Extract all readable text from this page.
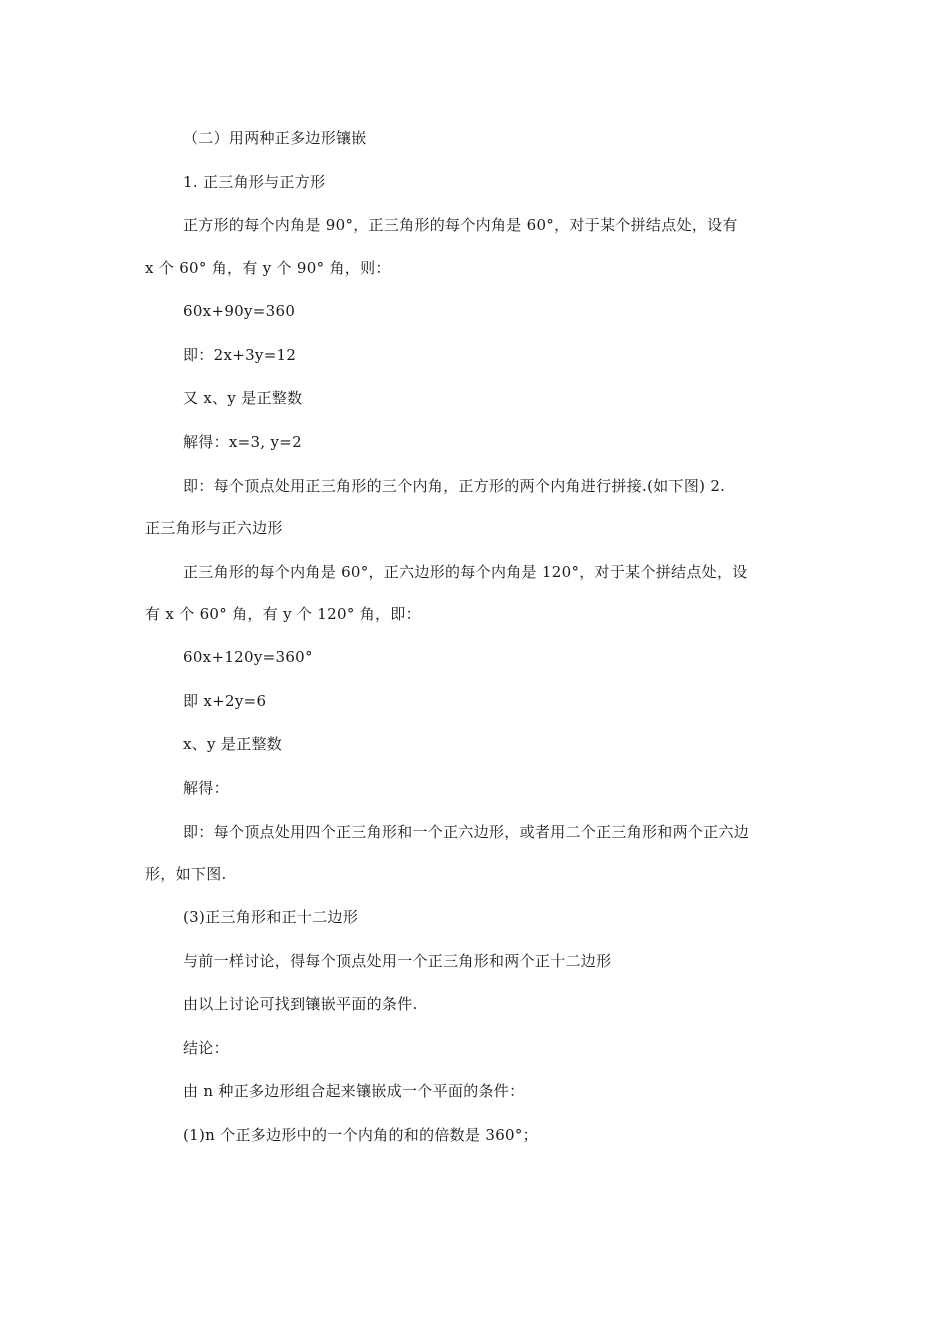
（二）用两种正多边形镶嵌
1. 正三角形与正方形
正方形的每个内角是 90°，正三角形的每个内角是 60°，对于某个拼结点处，设有
x 个 60° 角，有 y 个 90° 角，则：
60x+90y=360
即：2x+3y=12
又 x、y 是正整数
解得：x=3, y=2
即：每个顶点处用正三角形的三个内角，正方形的两个内角进行拼接.(如下图) 2.
正三角形与正六边形
正三角形的每个内角是 60°，正六边形的每个内角是 120°，对于某个拼结点处，设
有 x 个 60° 角，有 y 个 120° 角，即：
60x+120y=360°
即 x+2y=6
x、y 是正整数
解得：
即：每个顶点处用四个正三角形和一个正六边形，或者用二个正三角形和两个正六边
形，如下图.
(3)正三角形和正十二边形
与前一样讨论，得每个顶点处用一个正三角形和两个正十二边形
由以上讨论可找到镶嵌平面的条件.
结论：
由 n 种正多边形组合起来镶嵌成一个平面的条件：
(1)n 个正多边形中的一个内角的和的倍数是 360°；
